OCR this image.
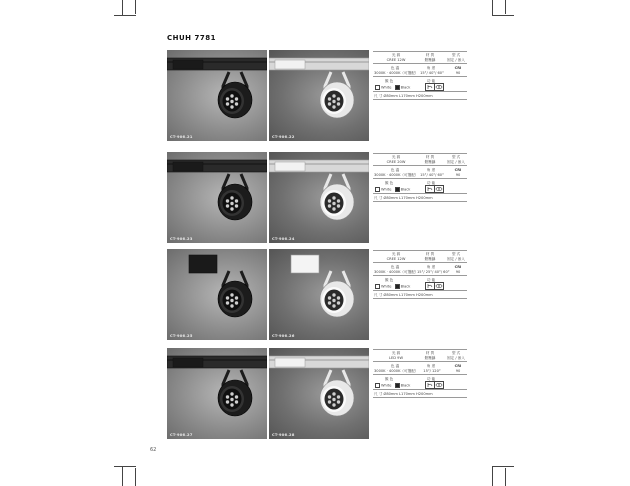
CHUH 7781
62
CT-906.21	CT-906.22
光 源	材 質	型 式
CREE 12W	鋁壓鑄	固定 / 嵌入
色 溫	角 度	CRI
3000K · 4000K（可選配） 15°/ 40°/ 60°	90
顏 色	功 能
White	Black
尺 寸 Ø80mm L170mm H200mm
CT-906.23	CT-906.24
光 源	材 質	型 式
CREE 20W	鋁壓鑄	固定 / 嵌入
色 溫	角 度	CRI
3000K · 4000K（可選配） 15°/ 40°/ 60°	90
顏 色	功 能
White	Black
尺 寸 Ø80mm L170mm H200mm
CT-906.25	CT-906.26
光 源	材 質	型 式
CREE 12W	鋁壓鑄	固定 / 嵌入
色 溫	角 度	CRI
3000K · 4000K（可選配）
15°/ 25°/ 40°/ 60°	90
顏 色	功 能
White	Black
尺 寸 Ø80mm L170mm H200mm
CT-906.27	CT-906.28
光 源	材 質	型 式
LED 9W	鋁壓鑄	固定 / 嵌入
色 溫	角 度	CRI
3000K · 4000K（可選配）	15°/ 120°	90
顏 色	功 能
White	Black
尺 寸 Ø80mm L170mm H200mm
